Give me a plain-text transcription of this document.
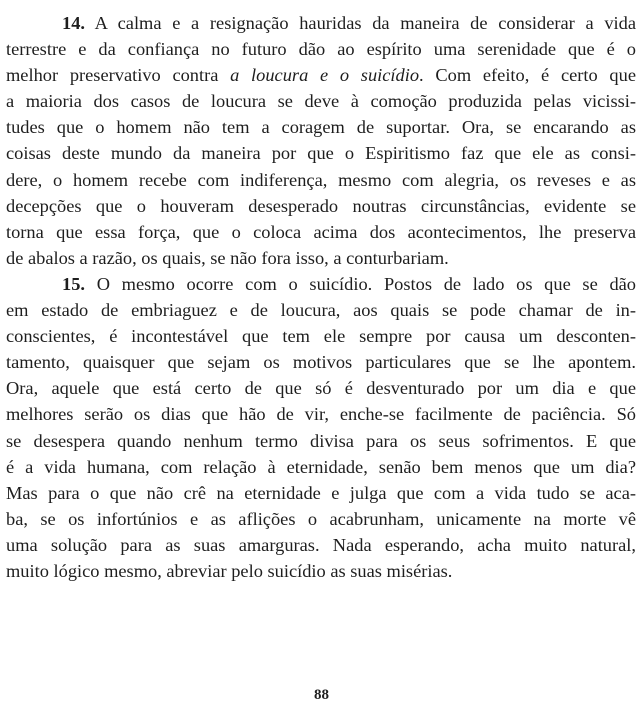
14. A calma e a resignação hauridas da maneira de considerar a vida
terrestre e da confiança no futuro dão ao espírito uma serenidade que é o
melhor preservativo contra a loucura e o suicídio. Com efeito, é certo que
a maioria dos casos de loucura se deve à comoção produzida pelas vicissi-
tudes que o homem não tem a coragem de suportar. Ora, se encarando as
coisas deste mundo da maneira por que o Espiritismo faz que ele as consi-
dere, o homem recebe com indiferença, mesmo com alegria, os reveses e as
decepções que o houveram desesperado noutras circunstâncias, evidente se
torna que essa força, que o coloca acima dos acontecimentos, lhe preserva
de abalos a razão, os quais, se não fora isso, a conturbariam.
15. O mesmo ocorre com o suicídio. Postos de lado os que se dão
em estado de embriaguez e de loucura, aos quais se pode chamar de in-
conscientes, é incontestável que tem ele sempre por causa um desconten-
tamento, quaisquer que sejam os motivos particulares que se lhe apontem.
Ora, aquele que está certo de que só é desventurado por um dia e que
melhores serão os dias que hão de vir, enche-se facilmente de paciência. Só
se desespera quando nenhum termo divisa para os seus sofrimentos. E que
é a vida humana, com relação à eternidade, senão bem menos que um dia?
Mas para o que não crê na eternidade e julga que com a vida tudo se aca-
ba, se os infortúnios e as aflições o acabrunham, unicamente na morte vê
uma solução para as suas amarguras. Nada esperando, acha muito natural,
muito lógico mesmo, abreviar pelo suicídio as suas misérias.
88
